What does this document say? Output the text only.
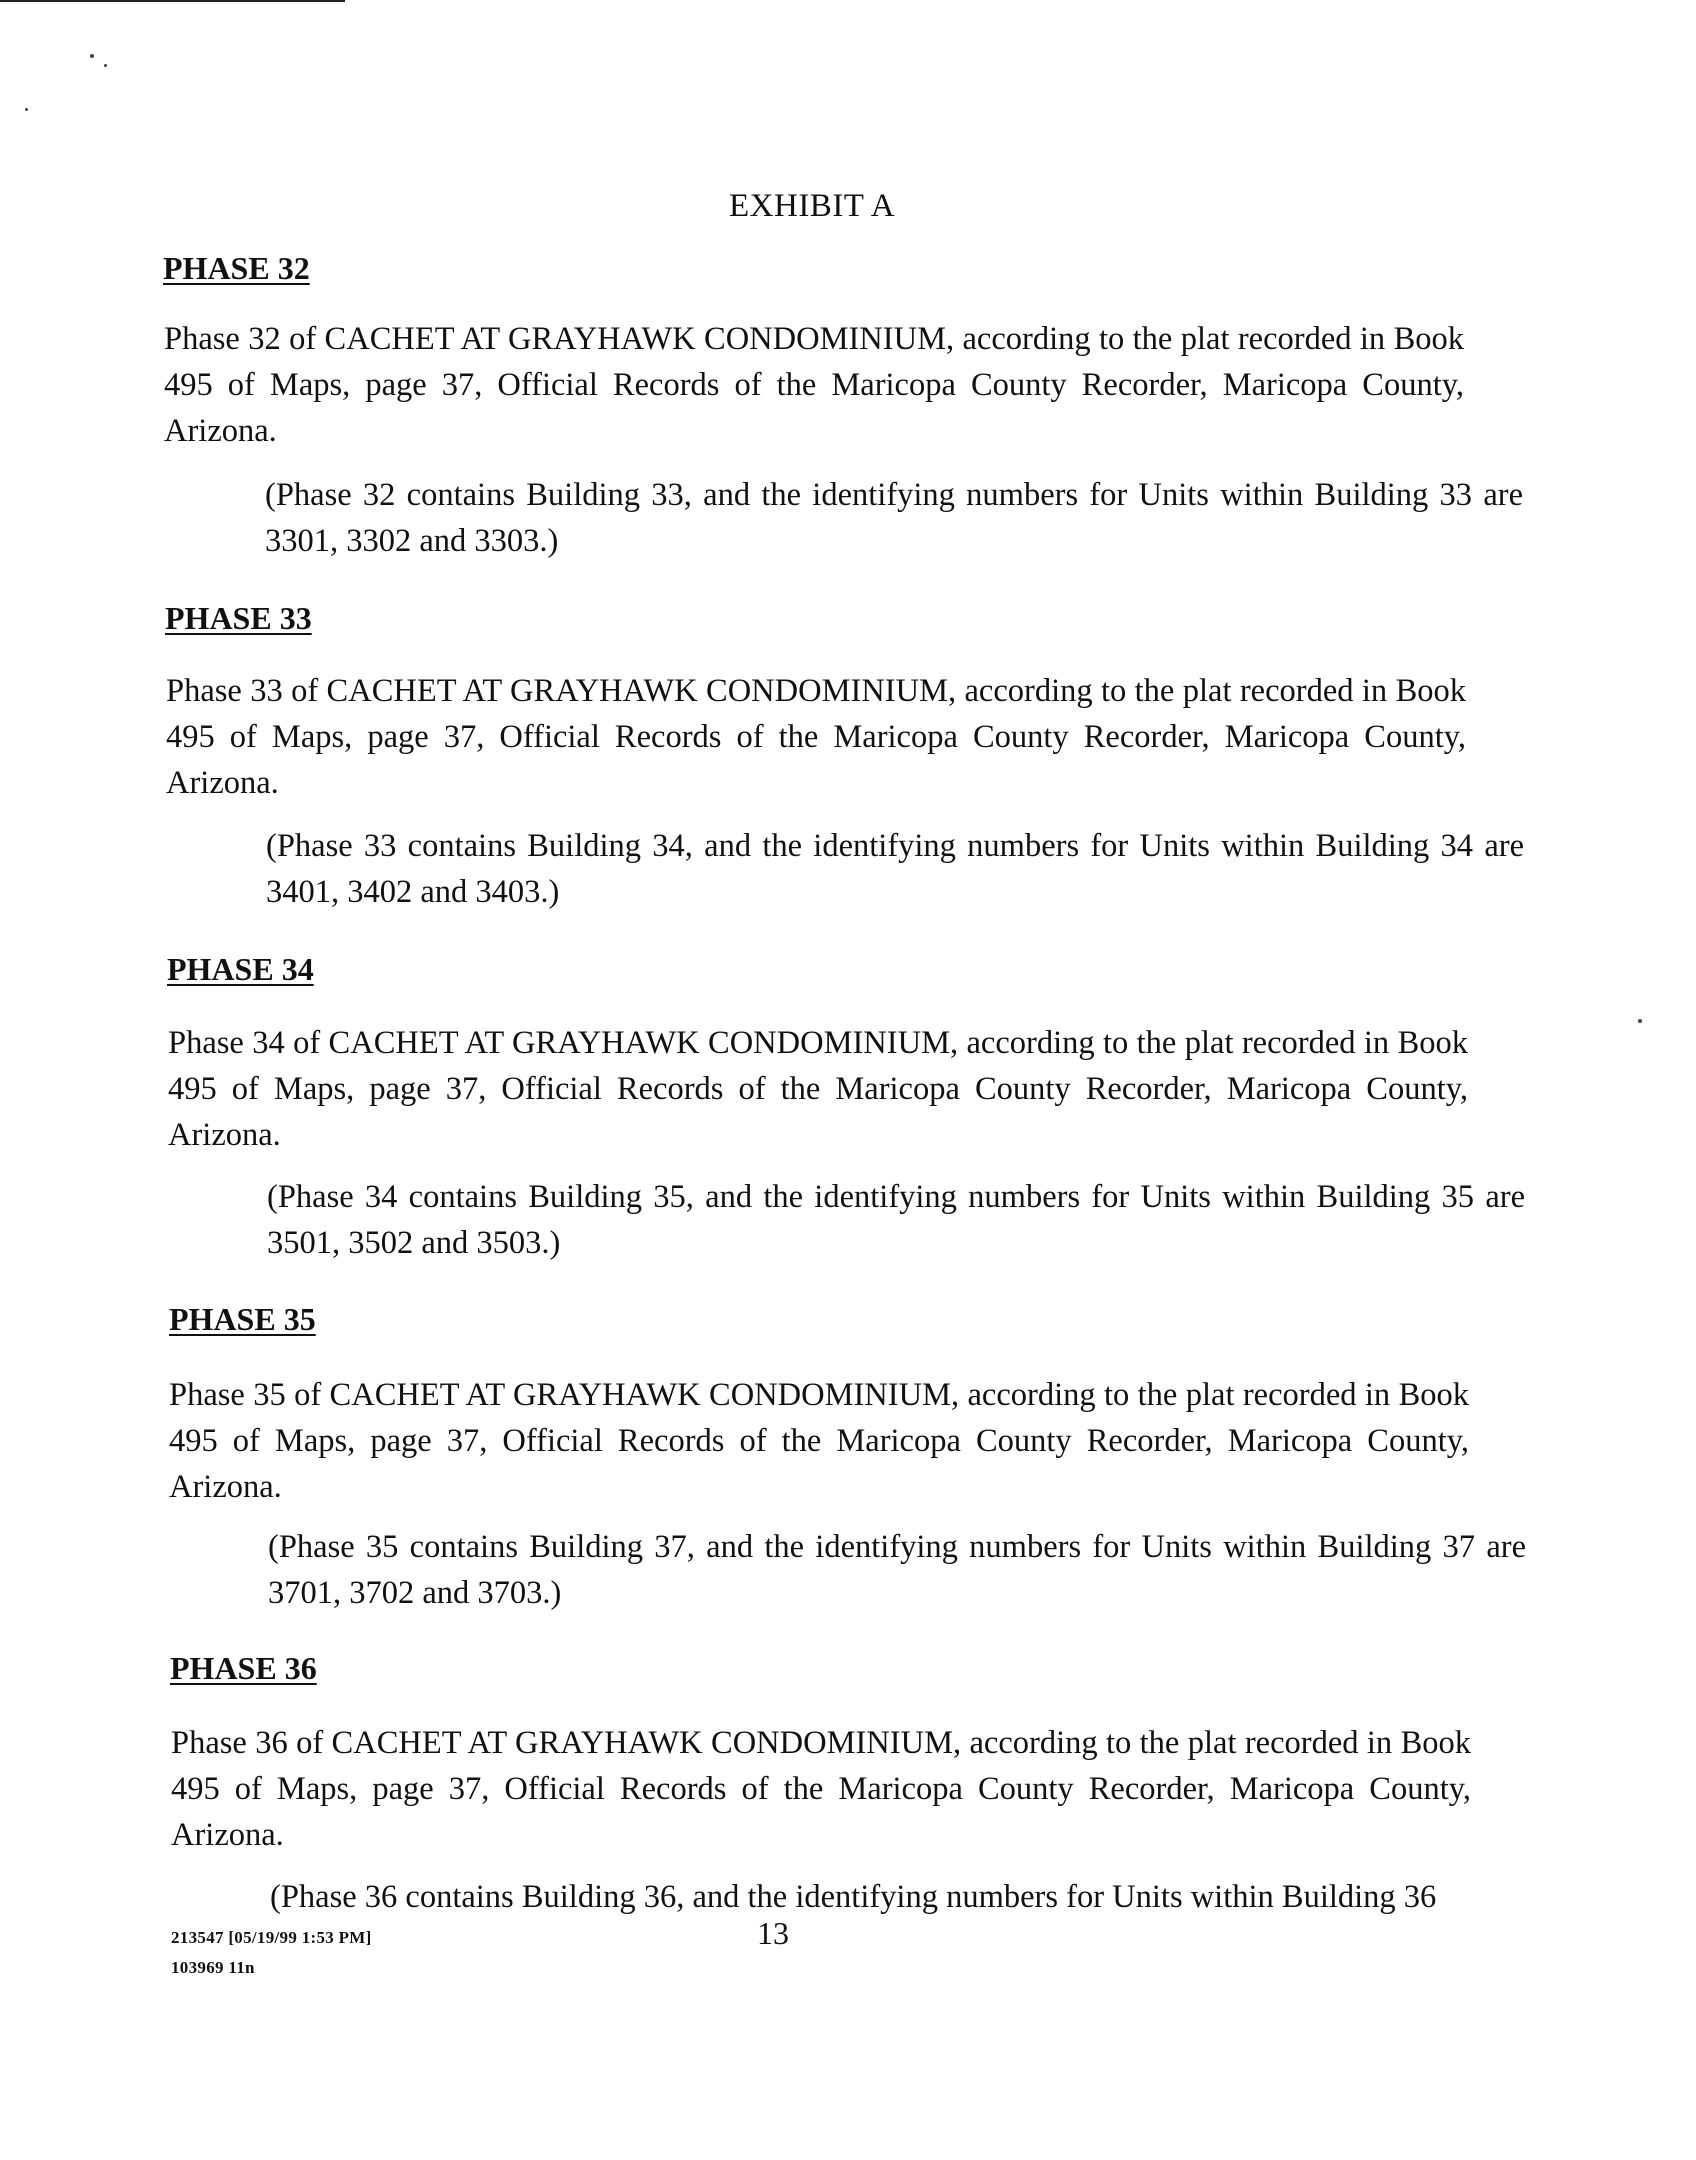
EXHIBIT A
PHASE 32
Phase 32 of CACHET AT GRAYHAWK CONDOMINIUM, according to the plat recorded in Book 495 of Maps, page 37, Official Records of the Maricopa County Recorder, Maricopa County, Arizona.
(Phase 32 contains Building 33, and the identifying numbers for Units within Building 33 are 3301, 3302 and 3303.)
PHASE 33
Phase 33 of CACHET AT GRAYHAWK CONDOMINIUM, according to the plat recorded in Book 495 of Maps, page 37, Official Records of the Maricopa County Recorder, Maricopa County, Arizona.
(Phase 33 contains Building 34, and the identifying numbers for Units within Building 34 are 3401, 3402 and 3403.)
PHASE 34
Phase 34 of CACHET AT GRAYHAWK CONDOMINIUM, according to the plat recorded in Book 495 of Maps, page 37, Official Records of the Maricopa County Recorder, Maricopa County, Arizona.
(Phase 34 contains Building 35, and the identifying numbers for Units within Building 35 are 3501, 3502 and 3503.)
PHASE 35
Phase 35 of CACHET AT GRAYHAWK CONDOMINIUM, according to the plat recorded in Book 495 of Maps, page 37, Official Records of the Maricopa County Recorder, Maricopa County, Arizona.
(Phase 35 contains Building 37, and the identifying numbers for Units within Building 37 are 3701, 3702 and 3703.)
PHASE 36
Phase 36 of CACHET AT GRAYHAWK CONDOMINIUM, according to the plat recorded in Book 495 of Maps, page 37, Official Records of the Maricopa County Recorder, Maricopa County, Arizona.
(Phase 36 contains Building 36, and the identifying numbers for Units within Building 36
213547 [05/19/99 1:53 PM]
103969 11n
13
